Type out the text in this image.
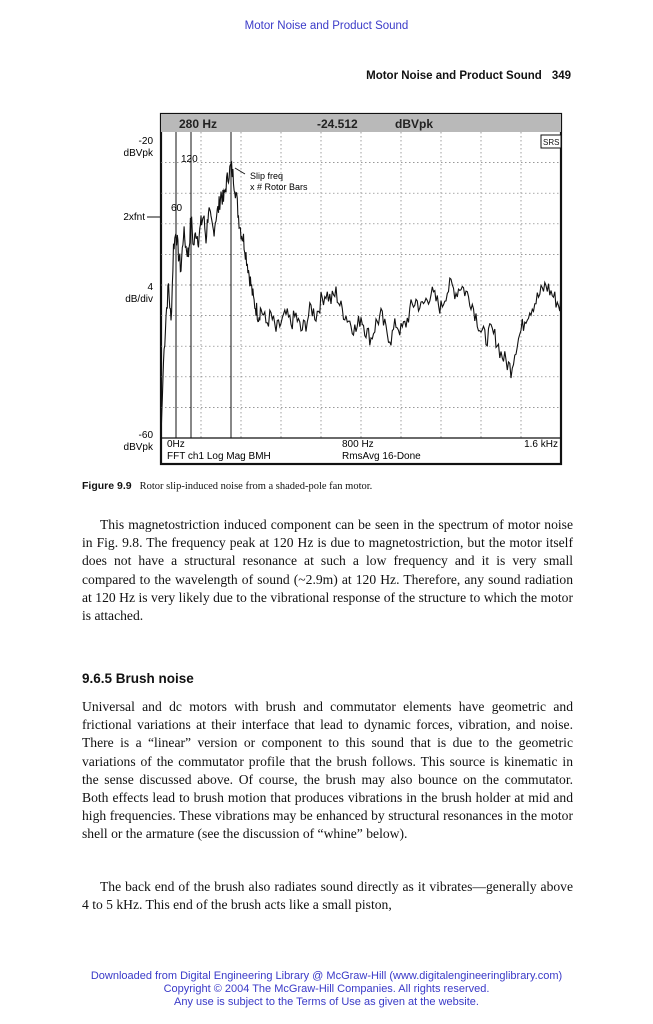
Motor Noise and Product Sound
Motor Noise and Product Sound 349
280 Hz	-24.512	dBVpk
SRS
-20
dBVpk
2xfnt
4
dB/div
-60
dBVpk 0Hz	800 Hz	1.6 kHz
FFT ch1 Log Mag BMH	RmsAvg 16-Done
120
60
Slip freq
x # Rotor Bars
Figure 9.9 Rotor slip-induced noise from a shaded-pole fan motor.
This magnetostriction induced component can be seen in the spectrum of motor noise in Fig. 9.8. The frequency peak at 120 Hz is due to magnetostriction, but the motor itself does not have a structural resonance at such a low frequency and it is very small compared to the wavelength of sound (~2.9m) at 120 Hz. Therefore, any sound radiation at 120 Hz is very likely due to the vibrational response of the structure to which the motor is attached.
9.6.5 Brush noise
Universal and dc motors with brush and commutator elements have geometric and frictional variations at their interface that lead to dynamic forces, vibration, and noise. There is a “linear” version or component to this sound that is due to the geometric variations of the commutator profile that the brush follows. This source is kinematic in the sense discussed above. Of course, the brush may also bounce on the commutator. Both effects lead to brush motion that produces vibrations in the brush holder at mid and high frequencies. These vibrations may be enhanced by structural resonances in the motor shell or the armature (see the discussion of “whine” below).
The back end of the brush also radiates sound directly as it vibrates—generally above 4 to 5 kHz. This end of the brush acts like a small piston,
Downloaded from Digital Engineering Library @ McGraw-Hill (www.digitalengineeringlibrary.com)
Copyright © 2004 The McGraw-Hill Companies. All rights reserved.
Any use is subject to the Terms of Use as given at the website.
